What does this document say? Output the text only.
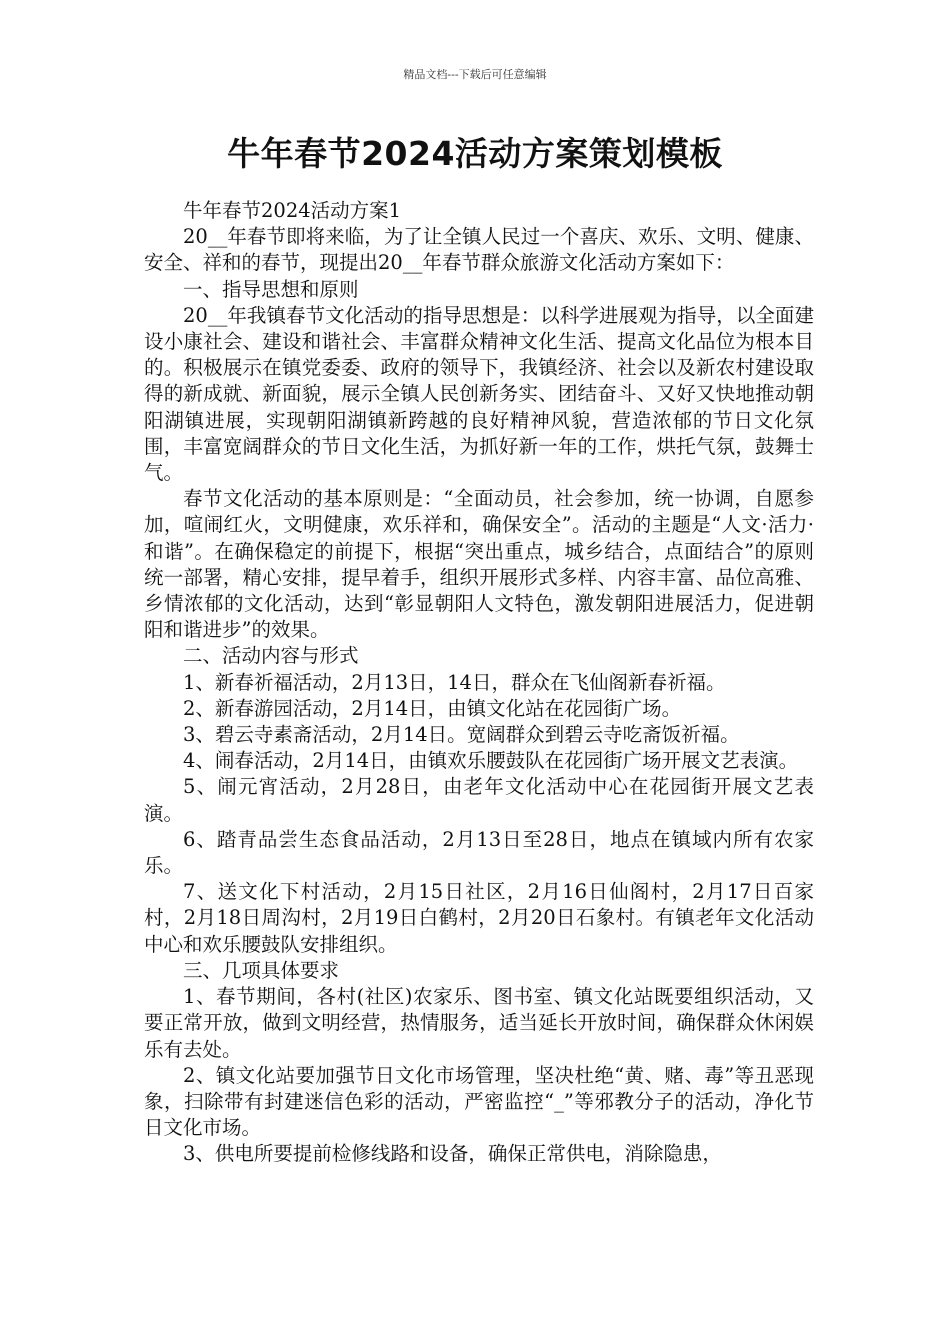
精品文档---下载后可任意编辑
牛年春节2024活动方案策划模板

牛年春节2024活动方案1

20__年春节即将来临，为了让全镇人民过一个喜庆、欢乐、文明、健康、安全、祥和的春节，现提出20__年春节群众旅游文化活动方案如下：

一、指导思想和原则

20__年我镇春节文化活动的指导思想是：以科学进展观为指导，以全面建设小康社会、建设和谐社会、丰富群众精神文化生活、提高文化品位为根本目的。积极展示在镇党委委、政府的领导下，我镇经济、社会以及新农村建设取得的新成就、新面貌，展示全镇人民创新务实、团结奋斗、又好又快地推动朝阳湖镇进展，实现朝阳湖镇新跨越的良好精神风貌，营造浓郁的节日文化氛围，丰富宽阔群众的节日文化生活，为抓好新一年的工作，烘托气氛，鼓舞士气。

春节文化活动的基本原则是：“全面动员，社会参加，统一协调，自愿参加，喧闹红火，文明健康，欢乐祥和，确保安全”。活动的主题是“人文·活力·和谐”。在确保稳定的前提下，根据“突出重点，城乡结合，点面结合”的原则统一部署，精心安排，提早着手，组织开展形式多样、内容丰富、品位高雅、乡情浓郁的文化活动，达到“彰显朝阳人文特色，激发朝阳进展活力，促进朝阳和谐进步”的效果。

二、活动内容与形式

1、新春祈福活动，2月13日，14日，群众在飞仙阁新春祈福。

2、新春游园活动，2月14日，由镇文化站在花园街广场。

3、碧云寺素斋活动，2月14日。宽阔群众到碧云寺吃斋饭祈福。

4、闹春活动，2月14日，由镇欢乐腰鼓队在花园街广场开展文艺表演。

5、闹元宵活动，2月28日，由老年文化活动中心在花园街开展文艺表演。

6、踏青品尝生态食品活动，2月13日至28日，地点在镇域内所有农家乐。

7、送文化下村活动，2月15日社区，2月16日仙阁村，2月17日百家村，2月18日周沟村，2月19日白鹤村，2月20日石象村。有镇老年文化活动中心和欢乐腰鼓队安排组织。

三、几项具体要求

1、春节期间，各村(社区)农家乐、图书室、镇文化站既要组织活动，又要正常开放，做到文明经营，热情服务，适当延长开放时间，确保群众休闲娱乐有去处。

2、镇文化站要加强节日文化市场管理，坚决杜绝“黄、赌、毒”等丑恶现象，扫除带有封建迷信色彩的活动，严密监控“_”等邪教分子的活动，净化节日文化市场。

3、供电所要提前检修线路和设备，确保正常供电，消除隐患，
